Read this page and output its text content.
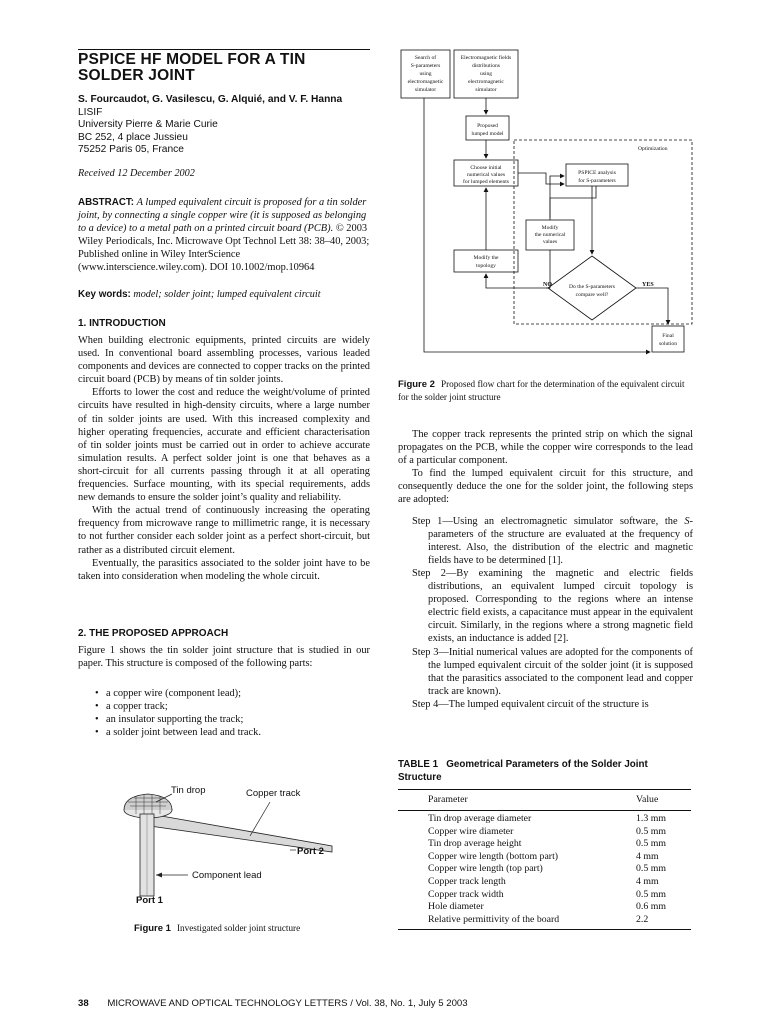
PSPICE HF MODEL FOR A TIN
SOLDER JOINT
S. Fourcaudot, G. Vasilescu, G. Alquié, and V. F. Hanna
LISIF
University Pierre & Marie Curie
BC 252, 4 place Jussieu
75252 Paris 05, France
Received 12 December 2002
ABSTRACT: A lumped equivalent circuit is proposed for a tin solder joint, by connecting a single copper wire (it is supposed as belonging to a device) to a metal path on a printed circuit board (PCB). © 2003 Wiley Periodicals, Inc. Microwave Opt Technol Lett 38: 38–40, 2003; Published online in Wiley InterScience (www.interscience.wiley.com). DOI 10.1002/mop.10964
Key words: model; solder joint; lumped equivalent circuit
1. INTRODUCTION

When building electronic equipments, printed circuits are widely used. In conventional board assembling processes, various leaded components and devices are connected to copper tracks on the printed circuit board (PCB) by means of tin solder joints.

Efforts to lower the cost and reduce the weight/volume of printed circuits have resulted in high-density circuits, where a large number of tin solder joints are used. With this increased complexity and higher operating frequencies, accurate and efficient characterisation of tin solder joints must be carried out in order to achieve accurate simulation results. A perfect solder joint is one that behaves as a short-circuit for all currents passing through it at all operating frequencies. Surface mounting, with its special requirements, adds new demands to ensure the solder joint’s quality and reliability.

With the actual trend of continuously increasing the operating frequency from microwave range to millimetric range, it is necessary to not further consider each solder joint as a perfect short-circuit, but rather as a distributed circuit element.

Eventually, the parasitics associated to the solder joint have to be taken into consideration when modeling the whole circuit.

2. THE PROPOSED APPROACH

Figure 1 shows the tin solder joint structure that is studied in our paper. This structure is composed of the following parts:

• a copper wire (component lead);
• a copper track;
• an insulator supporting the track;
• a solder joint between lead and track.
Tin drop	Copper track
Port 2
Component lead
Port 1
Figure 1 Investigated solder joint structure
Search of
S-parameters
using
electromagnetic
simulator
Electromagnetic fields
distributions
using
electromagnetic
simulator
Proposed
lumped model
Optimization
Choose initial
numerical values
for lumped elements
PSPICE analysis
for S-parameters
Modify
the numerical
values
Modify the
topology
Do the S-parameters
compare well?
NO	YES
Final
solution
Figure 2 Proposed flow chart for the determination of the equivalent circuit for the solder joint structure

The copper track represents the printed strip on which the signal propagates on the PCB, while the copper wire corresponds to the lead of a particular component.

To find the lumped equivalent circuit for this structure, and consequently deduce the one for the solder joint, the following steps are adopted:

Step 1—Using an electromagnetic simulator software, the S-parameters of the structure are evaluated at the frequency of interest. Also, the distribution of the electric and magnetic fields have to be determined [1].

Step 2—By examining the magnetic and electric fields distributions, an equivalent lumped circuit topology is proposed. Corresponding to the regions where an intense electric field exists, a capacitance must appear in the equivalent circuit. Similarly, in the regions where a strong magnetic field exists, an inductance is added [2].

Step 3—Initial numerical values are adopted for the components of the lumped equivalent circuit of the solder joint (it is supposed that the parasitics associated to the component lead and copper track are known).

Step 4—The lumped equivalent circuit of the structure is

TABLE 1 Geometrical Parameters of the Solder Joint
Structure
Parameter	Value
Tin drop average diameter	1.3 mm
Copper wire diameter	0.5 mm
Tin drop average height	0.5 mm
Copper wire length (bottom part)	4 mm
Copper wire length (top part)	0.5 mm
Copper track length	4 mm
Copper track width	0.5 mm
Hole diameter	0.6 mm
Relative permittivity of the board	2.2
38 MICROWAVE AND OPTICAL TECHNOLOGY LETTERS / Vol. 38, No. 1, July 5 2003
